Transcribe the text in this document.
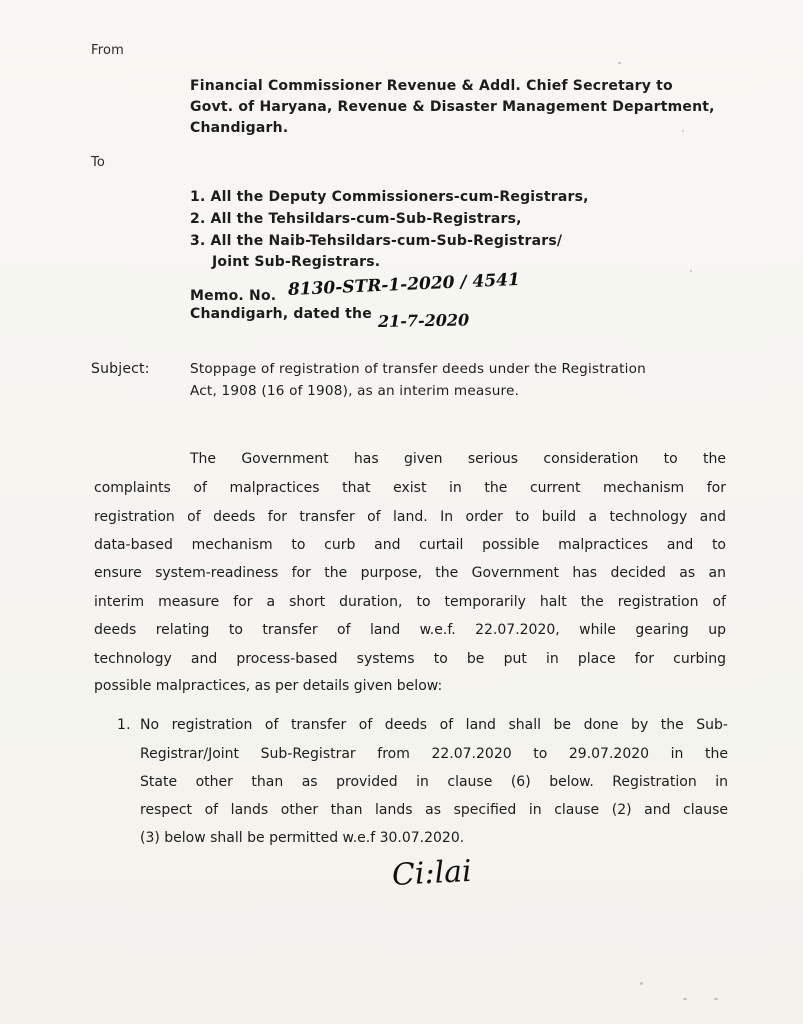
From
Financial Commissioner Revenue & Addl. Chief Secretary to
Govt. of Haryana, Revenue & Disaster Management Department,
Chandigarh.
To
1. All the Deputy Commissioners-cum-Registrars,
2. All the Tehsildars-cum-Sub-Registrars,
3. All the Naib-Tehsildars-cum-Sub-Registrars/
Joint Sub-Registrars.
Memo. No. 8130-STR-1-2020 / 4541
Chandigarh, dated the 21-7-2020
Subject:	Stoppage of registration of transfer deeds under the Registration
Act, 1908 (16 of 1908), as an interim measure.
The Government has given serious consideration to the
complaints of malpractices that exist in the current mechanism for
registration of deeds for transfer of land. In order to build a technology and
data-based mechanism to curb and curtail possible malpractices and to
ensure system-readiness for the purpose, the Government has decided as an
interim measure for a short duration, to temporarily halt the registration of
deeds relating to transfer of land w.e.f. 22.07.2020, while gearing up
technology and process-based systems to be put in place for curbing
possible malpractices, as per details given below:
1. No registration of transfer of deeds of land shall be done by the Sub-
Registrar/Joint Sub-Registrar from 22.07.2020 to 29.07.2020 in the
State other than as provided in clause (6) below. Registration in
respect of lands other than lands as specified in clause (2) and clause
(3) below shall be permitted w.e.f 30.07.2020.
Ci:lai
